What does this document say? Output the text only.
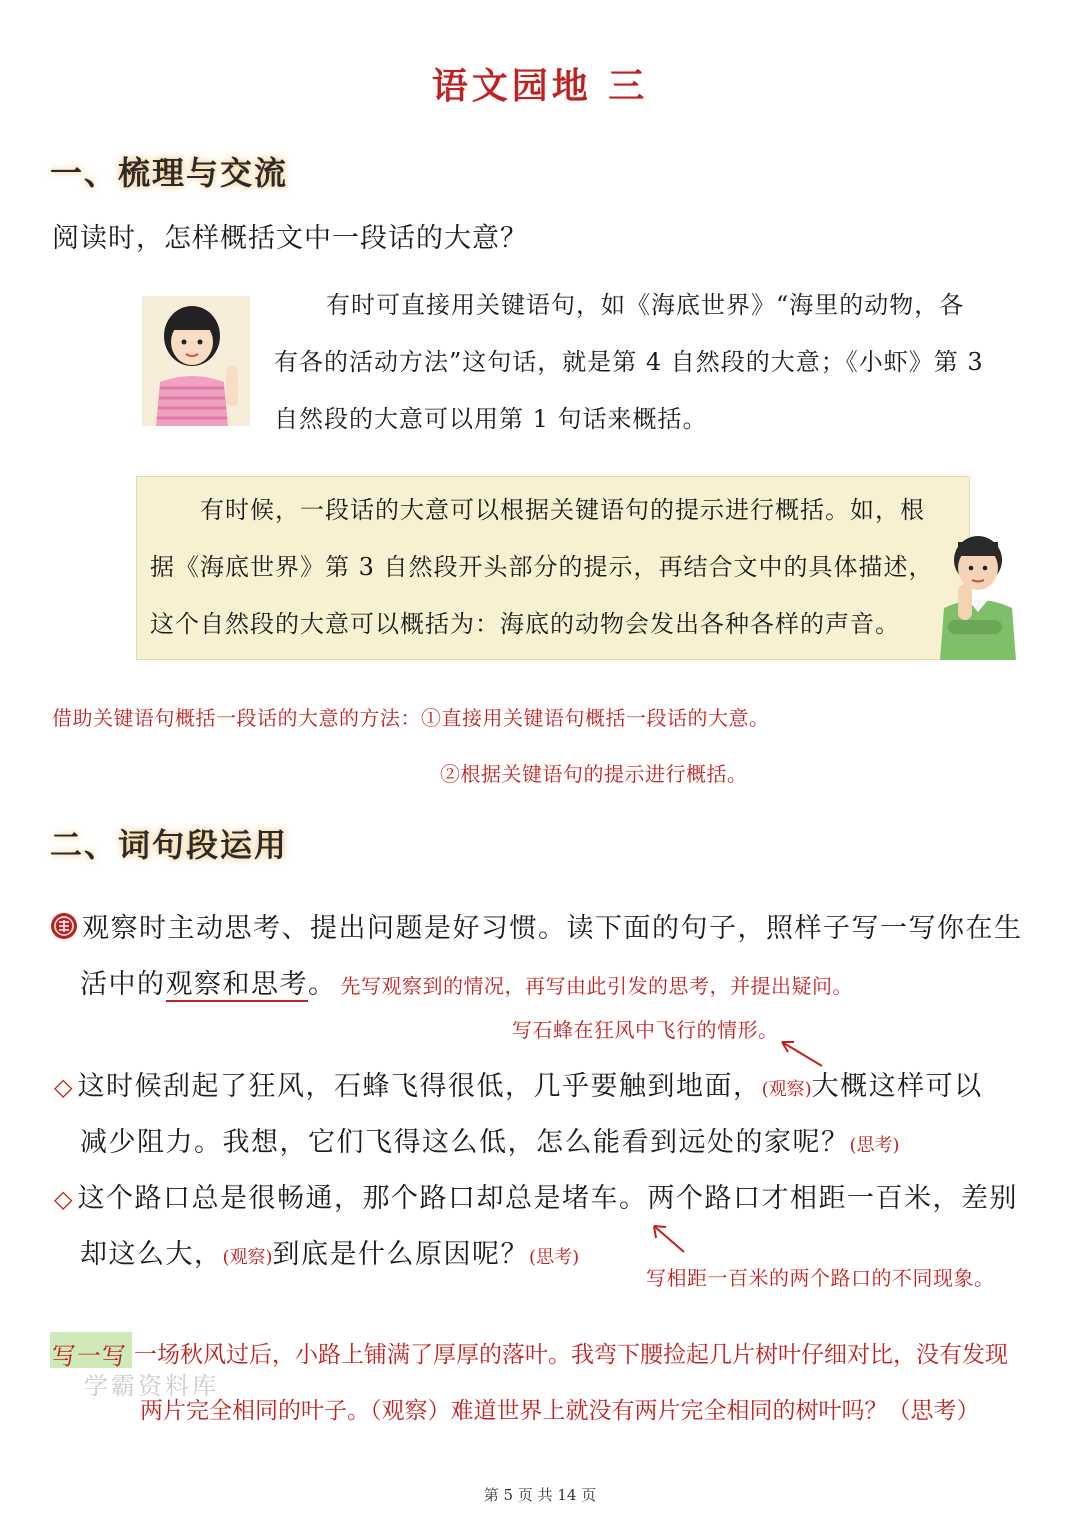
语文园地 三
一、梳理与交流
阅读时，怎样概括文中一段话的大意？
有时可直接用关键语句，如《海底世界》“海里的动物，各
有各的活动方法”这句话，就是第 4 自然段的大意；《小虾》第 3
自然段的大意可以用第 1 句话来概括。
有时候，一段话的大意可以根据关键语句的提示进行概括。如，根
据《海底世界》第 3 自然段开头部分的提示，再结合文中的具体描述，
这个自然段的大意可以概括为：海底的动物会发出各种各样的声音。
借助关键语句概括一段话的大意的方法：①直接用关键语句概括一段话的大意。
②根据关键语句的提示进行概括。
二、词句段运用
观察时主动思考、提出问题是好习惯。读下面的句子，照样子写一写你在生
活中的观察和思考。 先写观察到的情况，再写由此引发的思考，并提出疑问。
写石蜂在狂风中飞行的情形。
◇ 这时候刮起了狂风，石蜂飞得很低，几乎要触到地面，(观察)大概这样可以
减少阻力。我想，它们飞得这么低，怎么能看到远处的家呢？(思考)
◇ 这个路口总是很畅通，那个路口却总是堵车。两个路口才相距一百米，差别
却这么大，(观察)到底是什么原因呢？(思考)
写相距一百米的两个路口的不同现象。
写一写 一场秋风过后，小路上铺满了厚厚的落叶。我弯下腰捡起几片树叶仔细对比，没有发现
学霸资料库
两片完全相同的叶子。（观察）难道世界上就没有两片完全相同的树叶吗？（思考）
第 5 页 共 14 页
